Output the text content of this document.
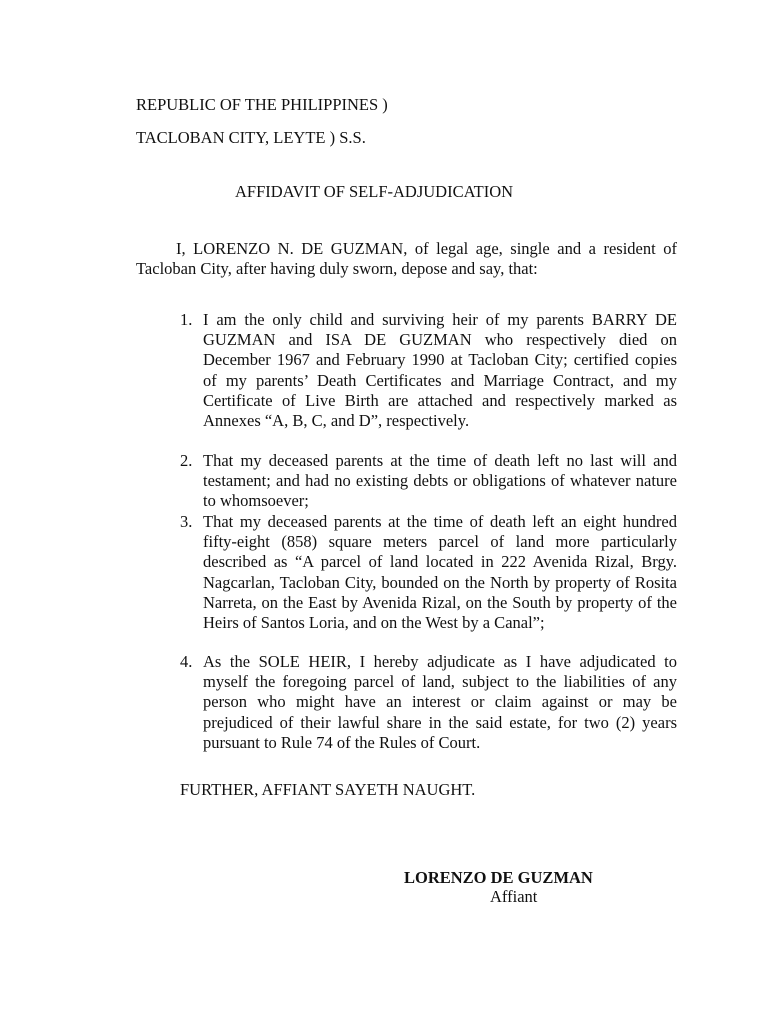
REPUBLIC OF THE PHILIPPINES )
TACLOBAN CITY, LEYTE ) S.S.
AFFIDAVIT OF SELF-ADJUDICATION
I, LORENZO N. DE GUZMAN, of legal age, single and a resident of Tacloban City, after having duly sworn, depose and say, that:
1. I am the only child and surviving heir of my parents BARRY DE GUZMAN and ISA DE GUZMAN who respectively died on December 1967 and February 1990 at Tacloban City; certified copies of my parents’ Death Certificates and Marriage Contract, and my Certificate of Live Birth are attached and respectively marked as Annexes “A, B, C, and D”, respectively.
2. That my deceased parents at the time of death left no last will and testament; and had no existing debts or obligations of whatever nature to whomsoever;
3. That my deceased parents at the time of death left an eight hundred fifty-eight (858) square meters parcel of land more particularly described as “A parcel of land located in 222 Avenida Rizal, Brgy. Nagcarlan, Tacloban City, bounded on the North by property of Rosita Narreta, on the East by Avenida Rizal, on the South by property of the Heirs of Santos Loria, and on the West by a Canal”;
4. As the SOLE HEIR, I hereby adjudicate as I have adjudicated to myself the foregoing parcel of land, subject to the liabilities of any person who might have an interest or claim against or may be prejudiced of their lawful share in the said estate, for two (2) years pursuant to Rule 74 of the Rules of Court.
FURTHER, AFFIANT SAYETH NAUGHT.
LORENZO DE GUZMAN
Affiant
